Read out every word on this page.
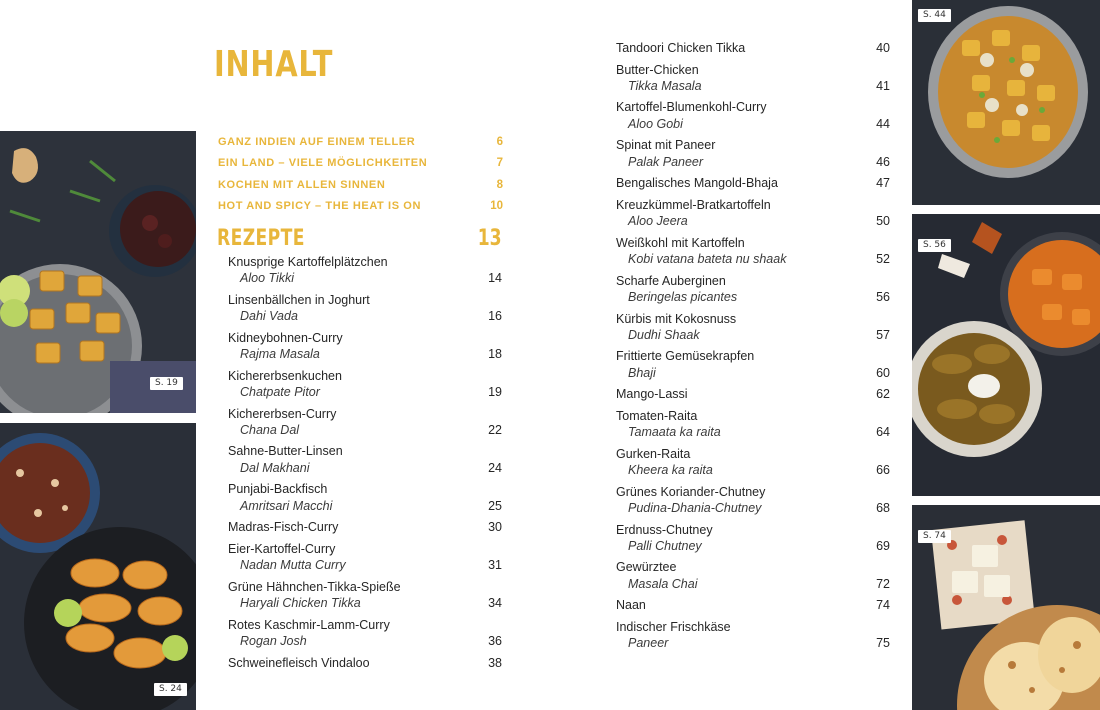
S. 19
S. 24
S. 44
S. 56
S. 74
INHALT
GANZ INDIEN AUF EINEM TELLER	6
EIN LAND – VIELE MÖGLICHKEITEN	7
KOCHEN MIT ALLEN SINNEN	8
HOT AND SPICY – THE HEAT IS ON	10
REZEPTE	13
Knusprige Kartoffelplätzchen
Aloo Tikki	14
Linsenbällchen in Joghurt
Dahi Vada	16
Kidneybohnen-Curry
Rajma Masala	18
Kichererbsenkuchen
Chatpate Pitor	19
Kichererbsen-Curry
Chana Dal	22
Sahne-Butter-Linsen
Dal Makhani	24
Punjabi-Backfisch
Amritsari Macchi	25
Madras-Fisch-Curry	30
Eier-Kartoffel-Curry
Nadan Mutta Curry	31
Grüne Hähnchen-Tikka-Spieße
Haryali Chicken Tikka	34
Rotes Kaschmir-Lamm-Curry
Rogan Josh	36
Schweinefleisch Vindaloo	38
Tandoori Chicken Tikka	40
Butter-Chicken
Tikka Masala	41
Kartoffel-Blumenkohl-Curry
Aloo Gobi	44
Spinat mit Paneer
Palak Paneer	46
Bengalisches Mangold-Bhaja	47
Kreuzkümmel-Bratkartoffeln
Aloo Jeera	50
Weißkohl mit Kartoffeln
Kobi vatana bateta nu shaak	52
Scharfe Auberginen
Beringelas picantes	56
Kürbis mit Kokosnuss
Dudhi Shaak	57
Frittierte Gemüsekrapfen
Bhaji	60
Mango-Lassi	62
Tomaten-Raita
Tamaata ka raita	64
Gurken-Raita
Kheera ka raita	66
Grünes Koriander-Chutney
Pudina-Dhania-Chutney	68
Erdnuss-Chutney
Palli Chutney	69
Gewürztee
Masala Chai	72
Naan	74
Indischer Frischkäse
Paneer	75
